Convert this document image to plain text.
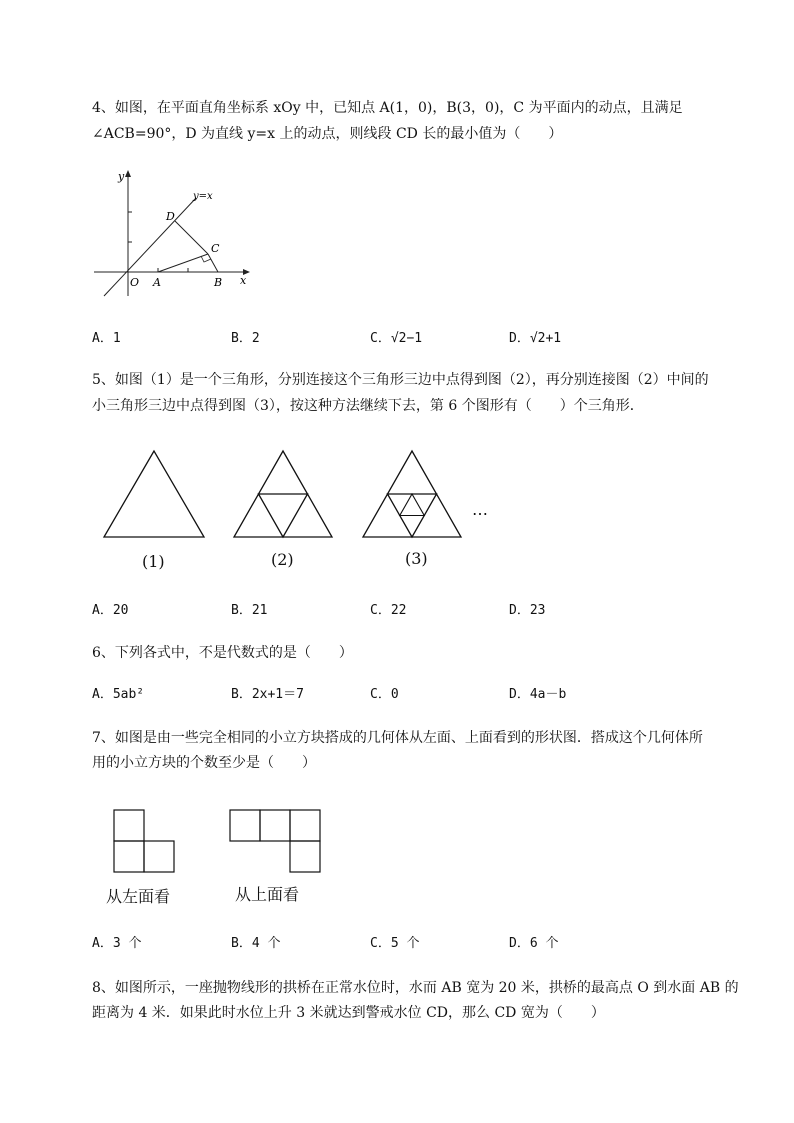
4、如图，在平面直角坐标系 xOy 中，已知点 A(1，0)，B(3，0)，C 为平面内的动点，且满足

∠ACB=90°，D 为直线 y=x 上的动点，则线段 CD 长的最小值为（　　）

y
y=x
D
C
O A	B x
A．1	B．2	C．√2−1	D．√2+1

5、如图（1）是一个三角形，分别连接这个三角形三边中点得到图（2），再分别连接图（2）中间的

小三角形三边中点得到图（3），按这种方法继续下去，第 6 个图形有（　　）个三角形．

(1)	(2)	(3)
…
A．20	B．21	C．22	D．23

6、下列各式中，不是代数式的是（　　）

A．5ab²	B．2x+1＝7	C．0	D．4a－b

7、如图是由一些完全相同的小立方块搭成的几何体从左面、上面看到的形状图．搭成这个几何体所

用的小立方块的个数至少是（　　）

从左面看	从上面看
A．3 个	B．4 个	C．5 个	D．6 个

8、如图所示，一座抛物线形的拱桥在正常水位时，水而 AB 宽为 20 米，拱桥的最高点 O 到水面 AB 的

距离为 4 米．如果此时水位上升 3 米就达到警戒水位 CD，那么 CD 宽为（　　）
